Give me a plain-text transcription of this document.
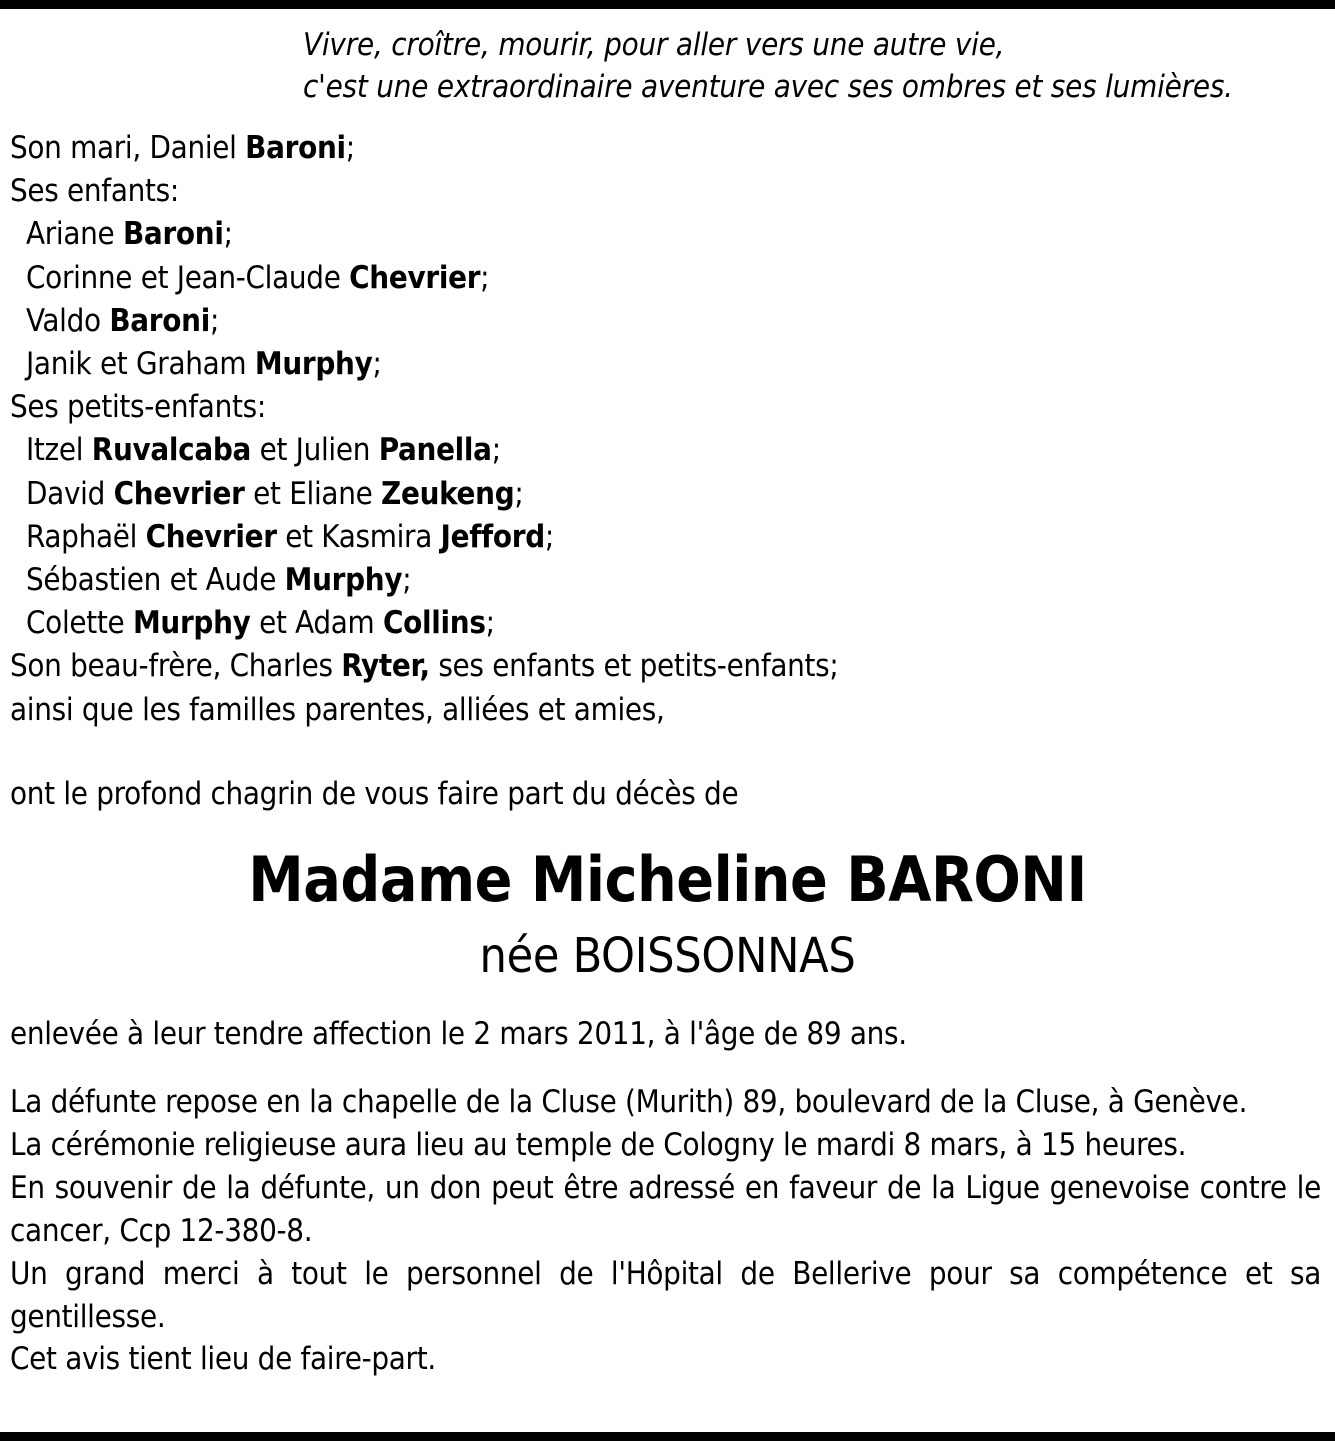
Vivre, croître, mourir, pour aller vers une autre vie,
c'est une extraordinaire aventure avec ses ombres et ses lumières.
Son mari, Daniel Baroni;
Ses enfants:
Ariane Baroni;
Corinne et Jean-Claude Chevrier;
Valdo Baroni;
Janik et Graham Murphy;
Ses petits-enfants:
Itzel Ruvalcaba et Julien Panella;
David Chevrier et Eliane Zeukeng;
Raphaël Chevrier et Kasmira Jefford;
Sébastien et Aude Murphy;
Colette Murphy et Adam Collins;
Son beau-frère, Charles Ryter, ses enfants et petits-enfants;
ainsi que les familles parentes, alliées et amies,
ont le profond chagrin de vous faire part du décès de
Madame Micheline BARONI
née BOISSONNAS
enlevée à leur tendre affection le 2 mars 2011, à l'âge de 89 ans.

La défunte repose en la chapelle de la Cluse (Murith) 89, boulevard de la Cluse, à Genève.

La cérémonie religieuse aura lieu au temple de Cologny le mardi 8 mars, à 15 heures.

En souvenir de la défunte, un don peut être adressé en faveur de la Ligue genevoise contre le cancer, Ccp 12-380-8.

Un grand merci à tout le personnel de l'Hôpital de Bellerive pour sa compétence et sa gentillesse.

Cet avis tient lieu de faire-part.
